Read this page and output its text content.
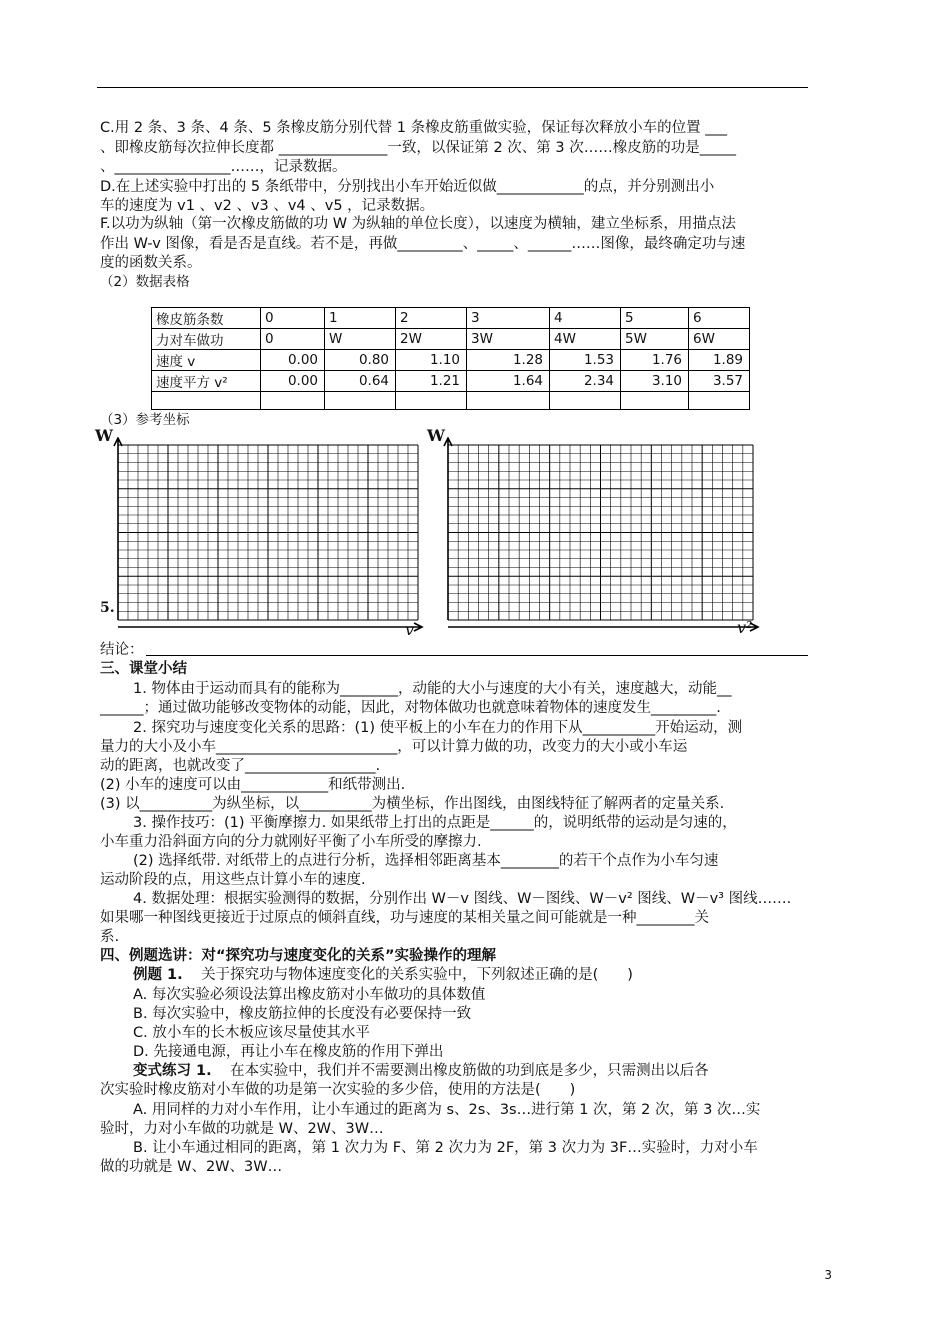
C.用 2 条、3 条、4 条、5 条橡皮筋分别代替 1 条橡皮筋重做实验，保证每次释放小车的位置 ___
、即橡皮筋每次拉伸长度都 _______________一致，以保证第 2 次、第 3 次……橡皮筋的功是_____
、________________……，记录数据。
D.在上述实验中打出的 5 条纸带中，分别找出小车开始近似做____________的点，并分别测出小
车的速度为 v1 、v2 、v3 、v4 、v5 ，记录数据。
F.以功为纵轴（第一次橡皮筋做的功 W 为纵轴的单位长度），以速度为横轴，建立坐标系，用描点法
作出 W-v 图像，看是否是直线。若不是，再做_________、_____、______……图像，最终确定功与速
度的函数关系。
（2）数据表格
橡皮筋条数	0	1	2	3	4	5	6
力对车做功	0	W	2W	3W	4W	5W	6W
速度 v	0.00	0.80	1.10	1.28	1.53	1.76	1.89
速度平方 v²	0.00	0.64	1.21	1.64	2.34	3.10	3.57

（3）参考坐标
W
5.
v
W
v²
结论：
三、课堂小结
1. 物体由于运动而具有的能称为________，动能的大小与速度的大小有关，速度越大，动能__
______；通过做功能够改变物体的动能，因此，对物体做功也就意味着物体的速度发生_________.
2. 探究功与速度变化关系的思路：(1) 使平板上的小车在力的作用下从__________开始运动，测
量力的大小及小车_________________________，可以计算力做的功，改变力的大小或小车运
动的距离，也就改变了__________________.
(2) 小车的速度可以由____________和纸带测出.
(3) 以__________为纵坐标，以__________为横坐标，作出图线，由图线特征了解两者的定量关系.
3. 操作技巧：(1) 平衡摩擦力. 如果纸带上打出的点距是______的，说明纸带的运动是匀速的，
小车重力沿斜面方向的分力就刚好平衡了小车所受的摩擦力.
(2) 选择纸带. 对纸带上的点进行分析，选择相邻距离基本________的若干个点作为小车匀速
运动阶段的点，用这些点计算小车的速度.
4. 数据处理：根据实验测得的数据，分别作出 W－v 图线、W－图线、W－v² 图线、W－v³ 图线…….
如果哪一种图线更接近于过原点的倾斜直线，功与速度的某相关量之间可能就是一种________关
系.
四、例题选讲：对“探究功与速度变化的关系”实验操作的理解
例题 1. 关于探究功与物体速度变化的关系实验中，下列叙述正确的是(　　)
A. 每次实验必须设法算出橡皮筋对小车做功的具体数值
B. 每次实验中，橡皮筋拉伸的长度没有必要保持一致
C. 放小车的长木板应该尽量使其水平
D. 先接通电源，再让小车在橡皮筋的作用下弹出
变式练习 1. 在本实验中，我们并不需要测出橡皮筋做的功到底是多少，只需测出以后各
次实验时橡皮筋对小车做的功是第一次实验的多少倍，使用的方法是(　　)
A. 用同样的力对小车作用，让小车通过的距离为 s、2s、3s…进行第 1 次，第 2 次，第 3 次…实
验时，力对小车做的功就是 W、2W、3W…
B. 让小车通过相同的距离，第 1 次力为 F、第 2 次力为 2F，第 3 次力为 3F…实验时，力对小车
做的功就是 W、2W、3W…
3
